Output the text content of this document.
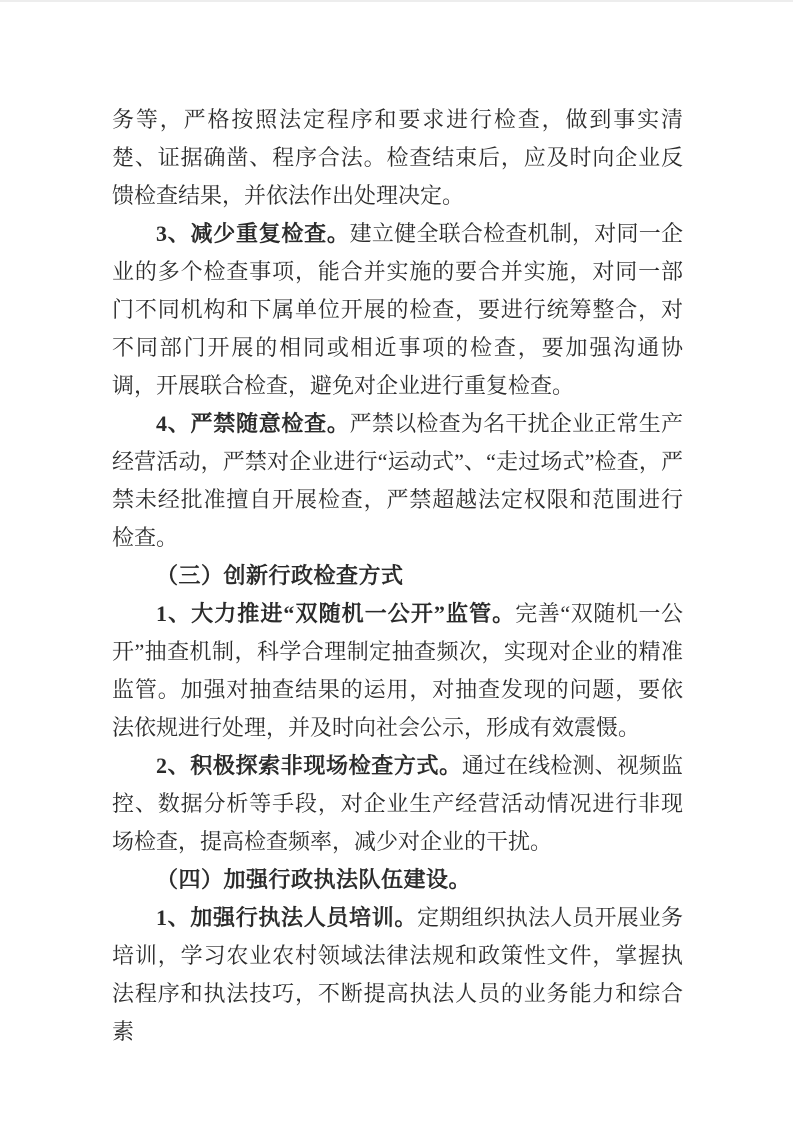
务等，严格按照法定程序和要求进行检查，做到事实清楚、证据确凿、程序合法。检查结束后，应及时向企业反馈检查结果，并依法作出处理决定。

3、减少重复检查。建立健全联合检查机制，对同一企业的多个检查事项，能合并实施的要合并实施，对同一部门不同机构和下属单位开展的检查，要进行统筹整合，对不同部门开展的相同或相近事项的检查，要加强沟通协调，开展联合检查，避免对企业进行重复检查。

4、严禁随意检查。严禁以检查为名干扰企业正常生产经营活动，严禁对企业进行“运动式”、“走过场式”检查，严禁未经批准擅自开展检查，严禁超越法定权限和范围进行检查。

（三）创新行政检查方式

1、大力推进“双随机一公开”监管。完善“双随机一公开”抽查机制，科学合理制定抽查频次，实现对企业的精准监管。加强对抽查结果的运用，对抽查发现的问题，要依法依规进行处理，并及时向社会公示，形成有效震慑。

2、积极探索非现场检查方式。通过在线检测、视频监控、数据分析等手段，对企业生产经营活动情况进行非现场检查，提高检查频率，减少对企业的干扰。

（四）加强行政执法队伍建设。

1、加强行执法人员培训。定期组织执法人员开展业务培训，学习农业农村领域法律法规和政策性文件，掌握执法程序和执法技巧，不断提高执法人员的业务能力和综合素
